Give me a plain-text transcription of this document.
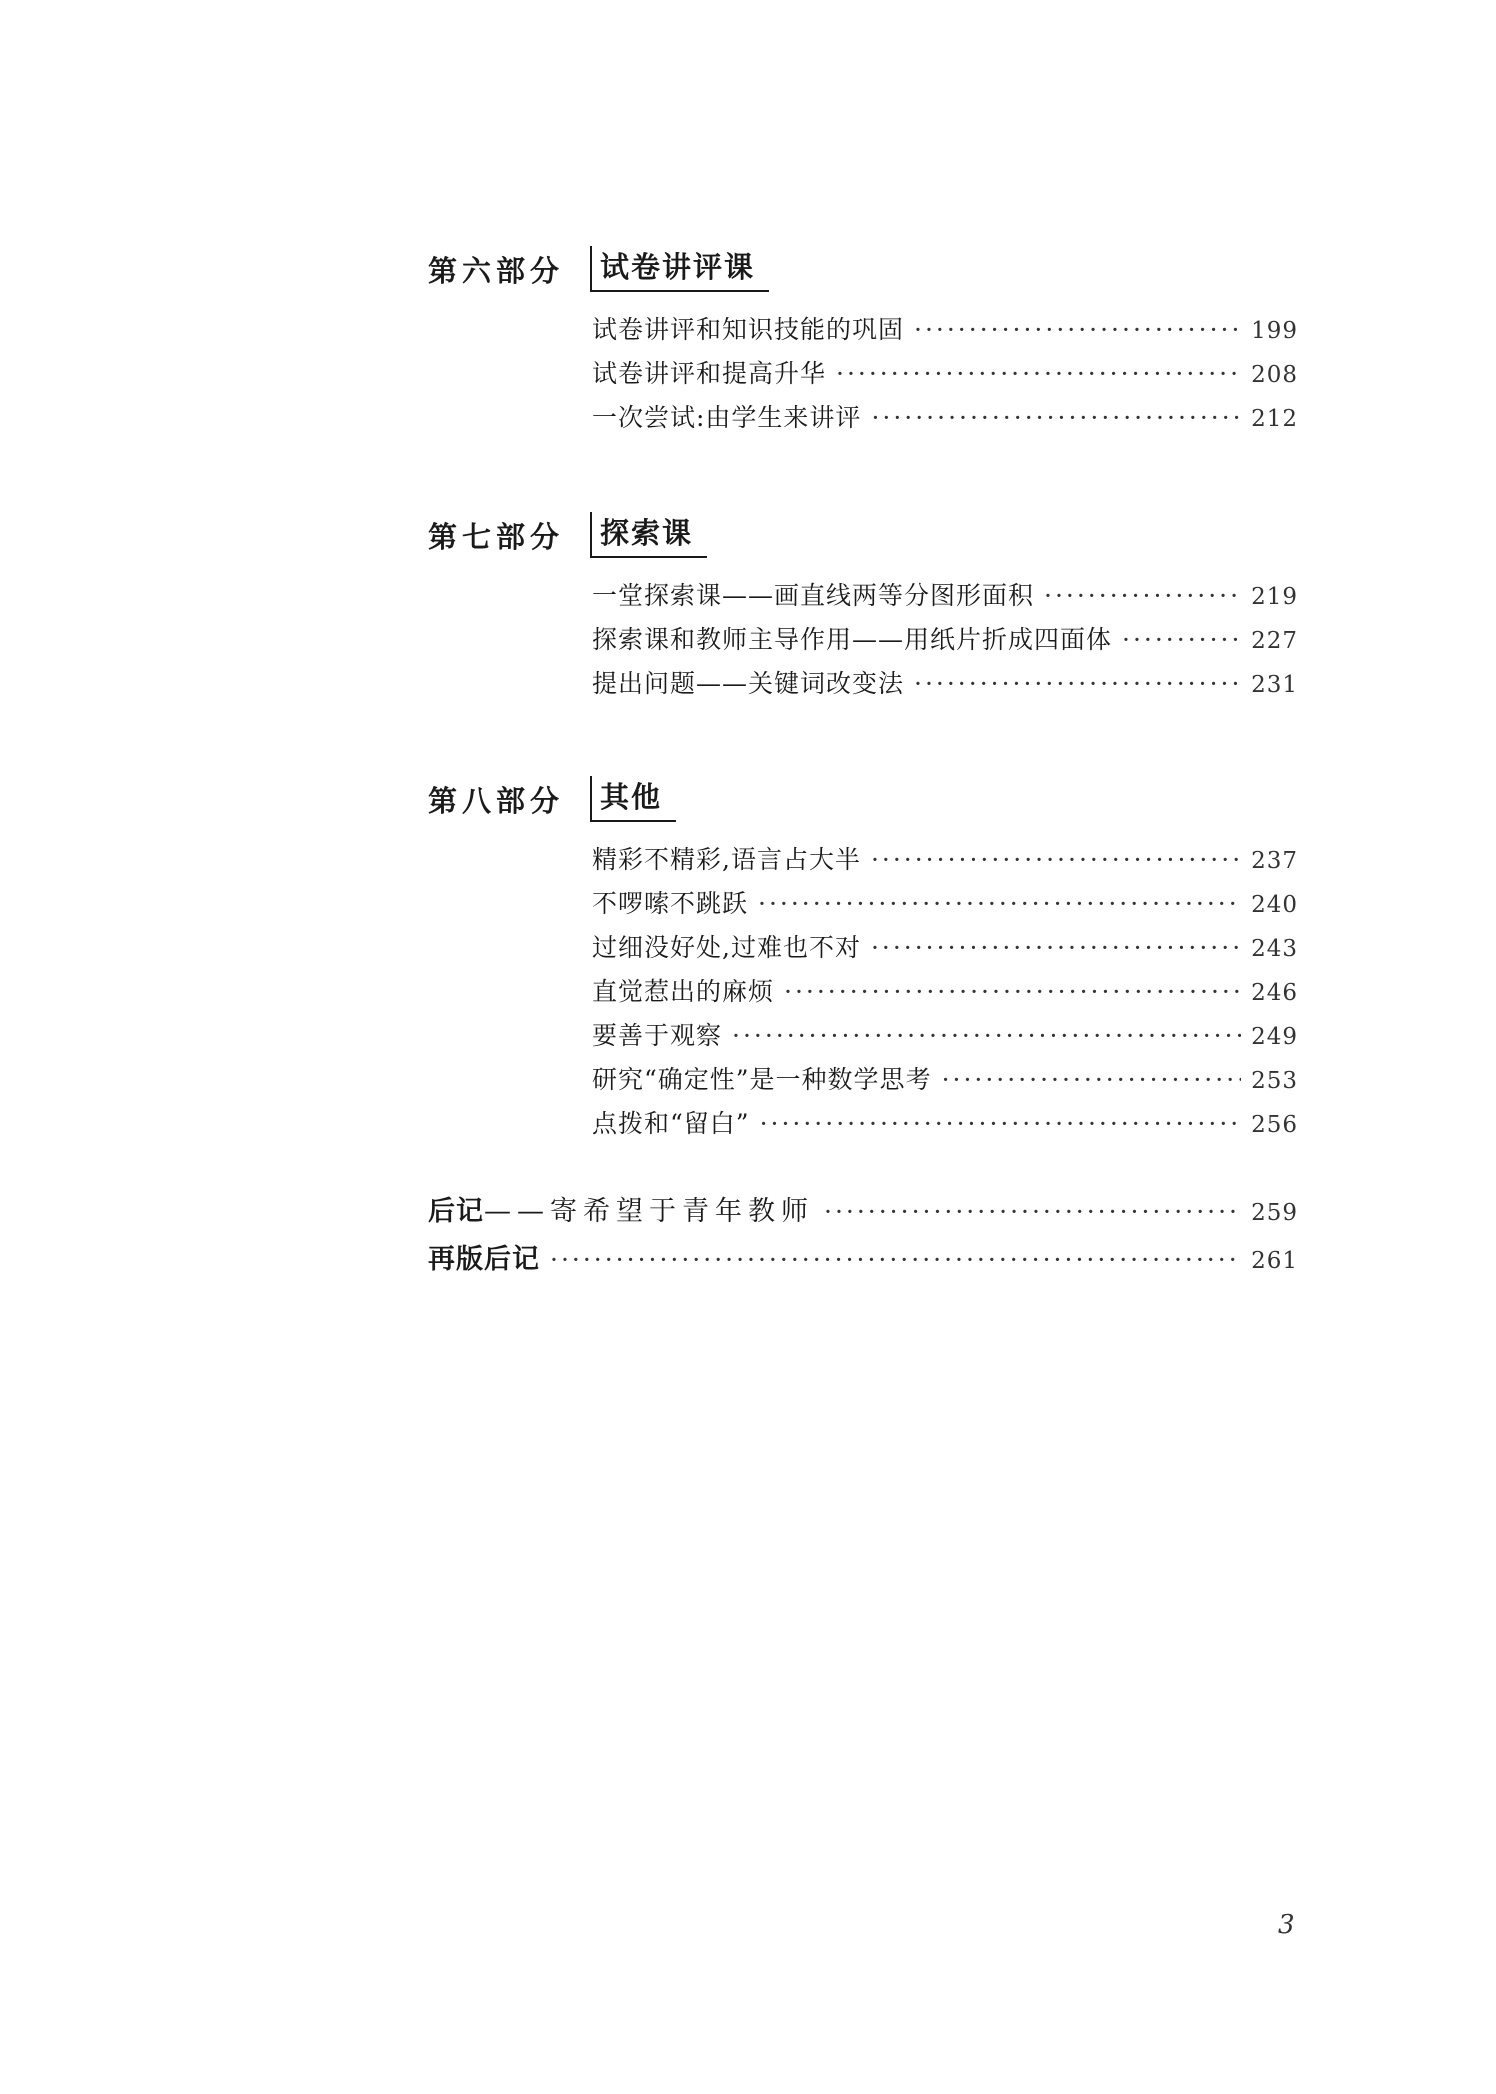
第六部分	试卷讲评课
试卷讲评和知识技能的巩固 ·····	199
试卷讲评和提高升华 ·····	208
一次尝试:由学生来讲评 ·····	212
第七部分	探索课
一堂探索课——画直线两等分图形面积 ·····	219
探索课和教师主导作用——用纸片折成四面体 ·····	227
提出问题——关键词改变法 ·····	231
第八部分	其他
精彩不精彩,语言占大半 ·····	237
不啰嗦不跳跃 ·····	240
过细没好处,过难也不对 ·····	243
直觉惹出的麻烦 ·····	246
要善于观察 ·····	249
研究“确定性”是一种数学思考 ·····	253
点拨和“留白” ·····	256
后记——寄希望于青年教师 ·····	259
再版后记 ·····	261
3
